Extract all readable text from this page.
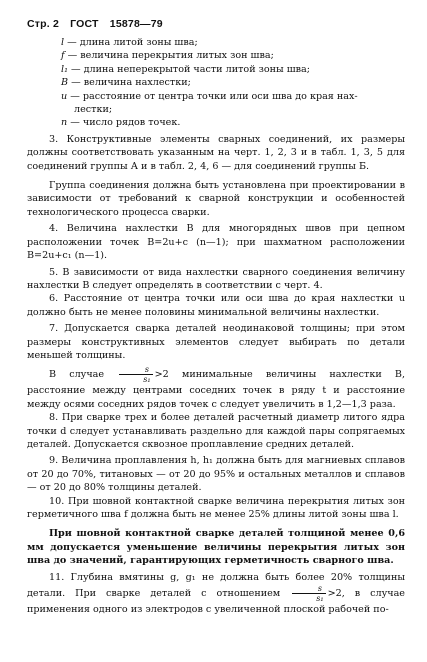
Стр. 2 ГОСТ 15878—79
l — длина литой зоны шва;
f — величина перекрытия литых зон шва;
l₁ — длина неперекрытой части литой зоны шва;
B — величина нахлестки;
u — расстояние от центра точки или оси шва до края нах-
лестки;
n — число рядов точек.

3. Конструктивные элементы сварных соединений, их размеры должны соответствовать указанным на черт. 1, 2, 3 и в табл. 1, 3, 5 для соединений группы А и в табл. 2, 4, 6 — для соединений группы Б.

Группа соединения должна быть установлена при проектировании в зависимости от требований к сварной конструкции и особенностей технологического процесса сварки.

4. Величина нахлестки B для многорядных швов при цепном расположении точек B=2u+c (n—1); при шахматном расположении B=2u+c₁ (n—1).

5. В зависимости от вида нахлестки сварного соединения величину нахлестки B следует определять в соответствии с черт. 4.

6. Расстояние от центра точки или оси шва до края нахлестки u должно быть не менее половины минимальной величины нахлестки.

7. Допускается сварка деталей неодинаковой толщины; при этом размеры конструктивных элементов следует выбирать по детали меньшей толщины.

В случае $\frac{s}{\text{s₁}} >2$ минимальные величины нахлестки B, расстояние между центрами соседних точек в ряду t и расстояние между осями соседних рядов точек c следует увеличить в 1,2—1,3 раза.

8. При сварке трех и более деталей расчетный диаметр литого ядра точки d следует устанавливать раздельно для каждой пары сопрягаемых деталей. Допускается сквозное проплавление средних деталей.

9. Величина проплавления h, h₁ должна быть для магниевых сплавов от 20 до 70%, титановых — от 20 до 95% и остальных металлов и сплавов — от 20 до 80% толщины деталей.

10. При шовной контактной сварке величина перекрытия литых зон герметичного шва f должна быть не менее 25% длины литой зоны шва l.

При шовной контактной сварке деталей толщиной менее 0,6 мм допускается уменьшение величины перекрытия литых зон шва до значений, гарантирующих герметичность сварного шва.

11. Глубина вмятины g, g₁ не должна быть более 20% толщины детали. При сварке деталей с отношением $\frac{s}{\text{s₁}} >2$, в случае применения одного из электродов с увеличенной плоской рабочей по-
